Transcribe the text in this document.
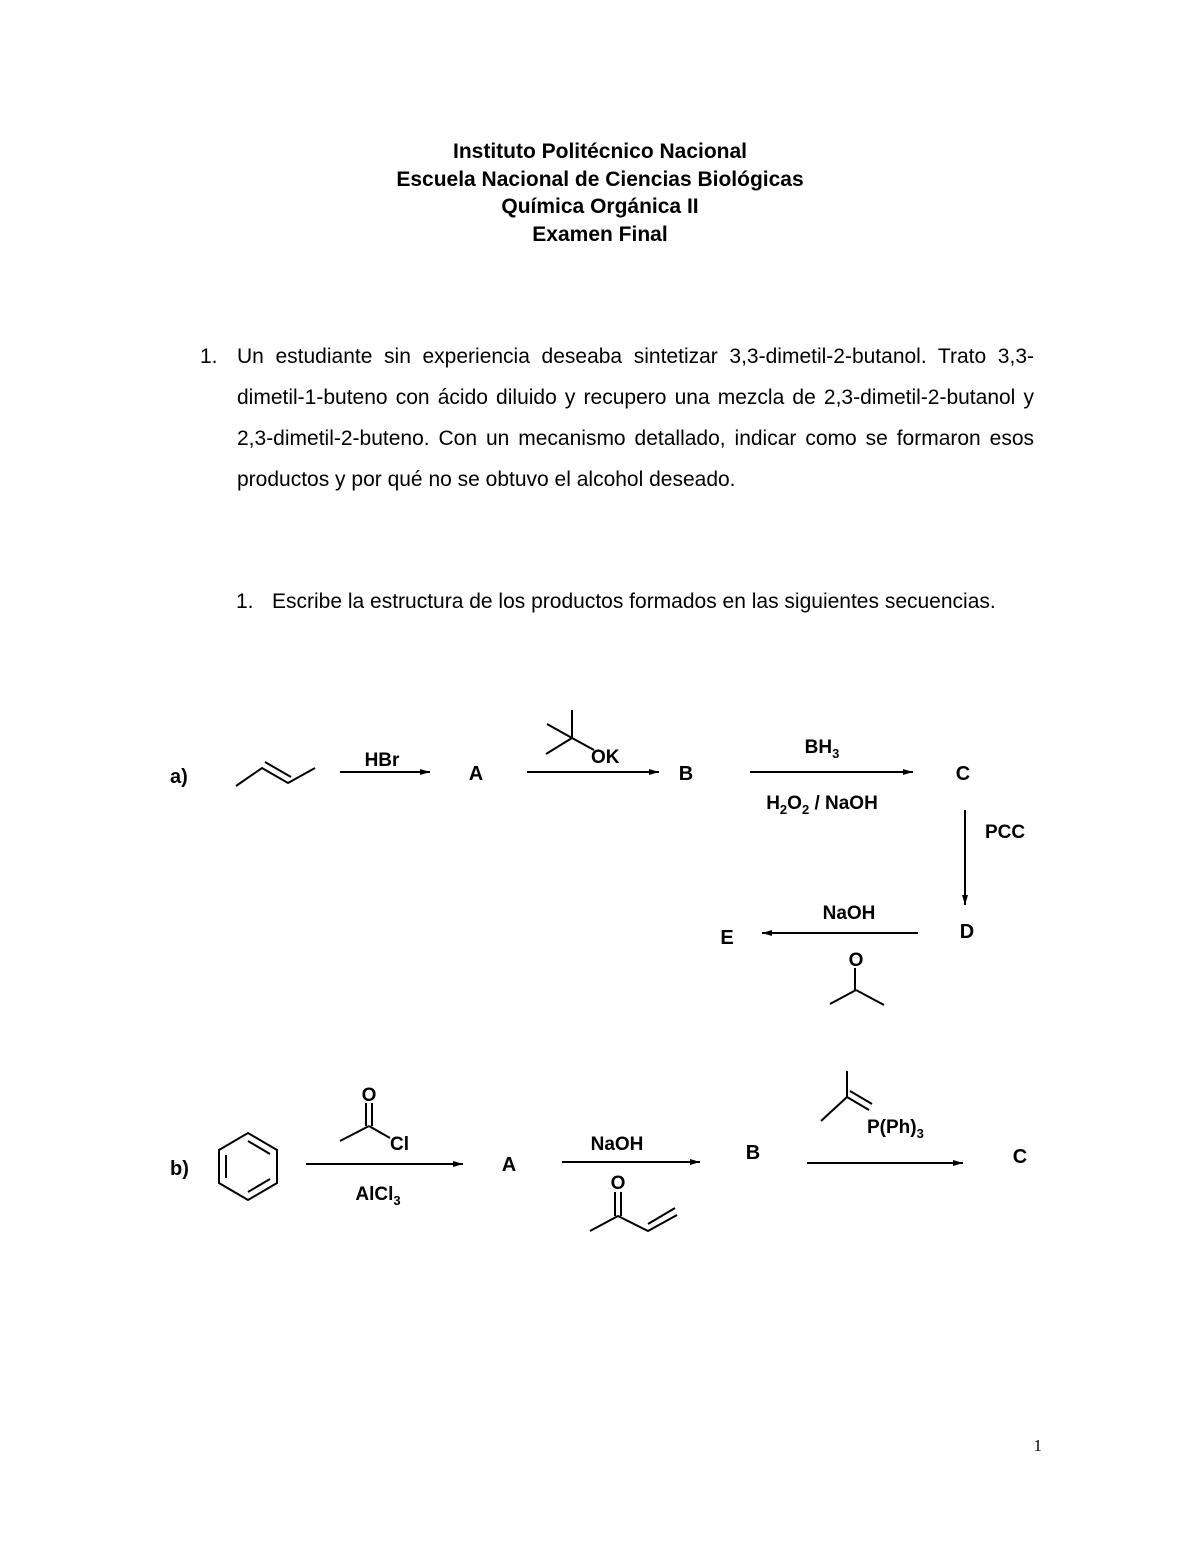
Instituto Politécnico Nacional
Escuela Nacional de Ciencias Biológicas
Química Orgánica II
Examen Final
1. Un estudiante sin experiencia deseaba sintetizar 3,3-dimetil-2-butanol. Trato 3,3-dimetil-1-buteno con ácido diluido y recupero una mezcla de 2,3-dimetil-2-butanol y 2,3-dimetil-2-buteno. Con un mecanismo detallado, indicar como se formaron esos productos y por qué no se obtuvo el alcohol deseado.
1. Escribe la estructura de los productos formados en las siguientes secuencias.
a)
HBr
A
OK
B
$BH_3$
$H_2O_2$ / NaOH
C
PCC
D
NaOH
O
E
b)
O
Cl
AlCl$_3$
A
NaOH
O
B
$P(Ph)_3$
C
1
